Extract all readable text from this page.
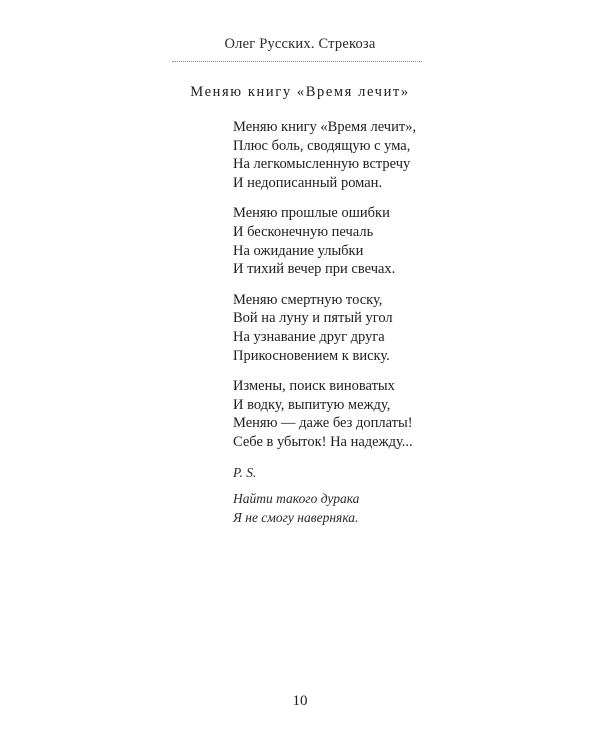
Олег Русских. Стрекоза
Меняю книгу «Время лечит»
Меняю книгу «Время лечит»,
Плюс боль, сводящую с ума,
На легкомысленную встречу
И недописанный роман.
Меняю прошлые ошибки
И бесконечную печаль
На ожидание улыбки
И тихий вечер при свечах.
Меняю смертную тоску,
Вой на луну и пятый угол
На узнавание друг друга
Прикосновением к виску.
Измены, поиск виноватых
И водку, выпитую между,
Меняю — даже без доплаты!
Себе в убыток! На надежду...
P. S.
Найти такого дурака
Я не смогу наверняка.
10
